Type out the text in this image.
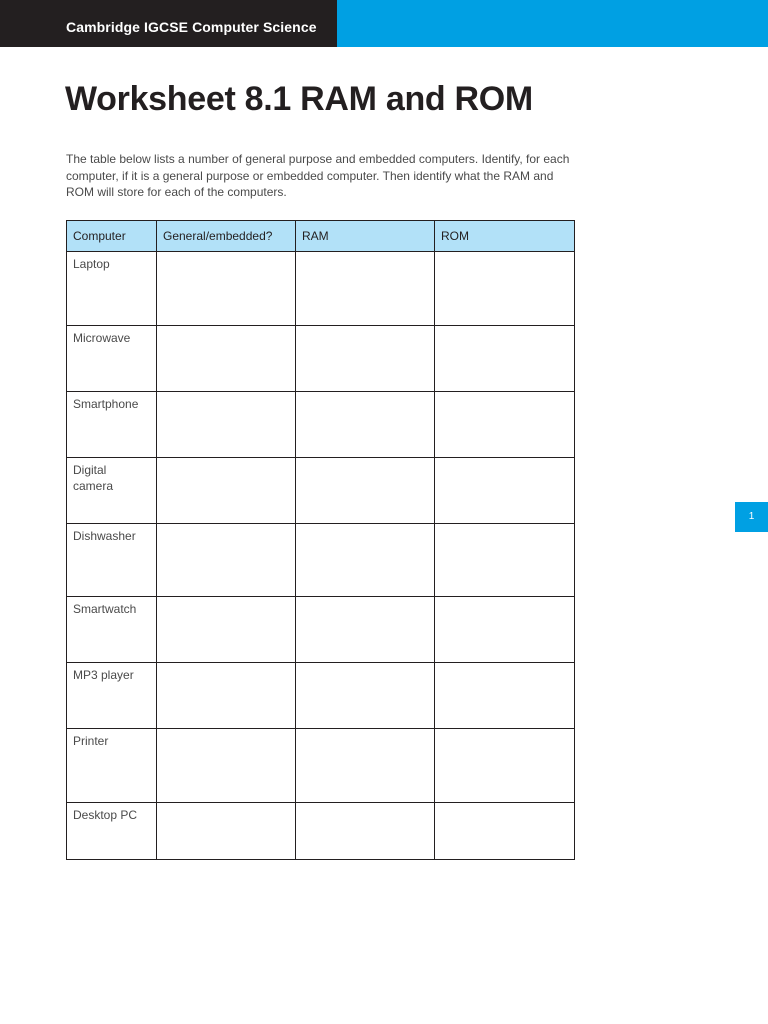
Cambridge IGCSE Computer Science
Worksheet 8.1 RAM and ROM

The table below lists a number of general purpose and embedded computers. Identify, for each computer, if it is a general purpose or embedded computer. Then identify what the RAM and ROM will store for each of the computers.

Computer	General/embedded?	RAM	ROM
Laptop			
Microwave			
Smartphone			

Digital camera			

Dishwasher			
Smartwatch			
MP3 player			
Printer			
Desktop PC			
1
